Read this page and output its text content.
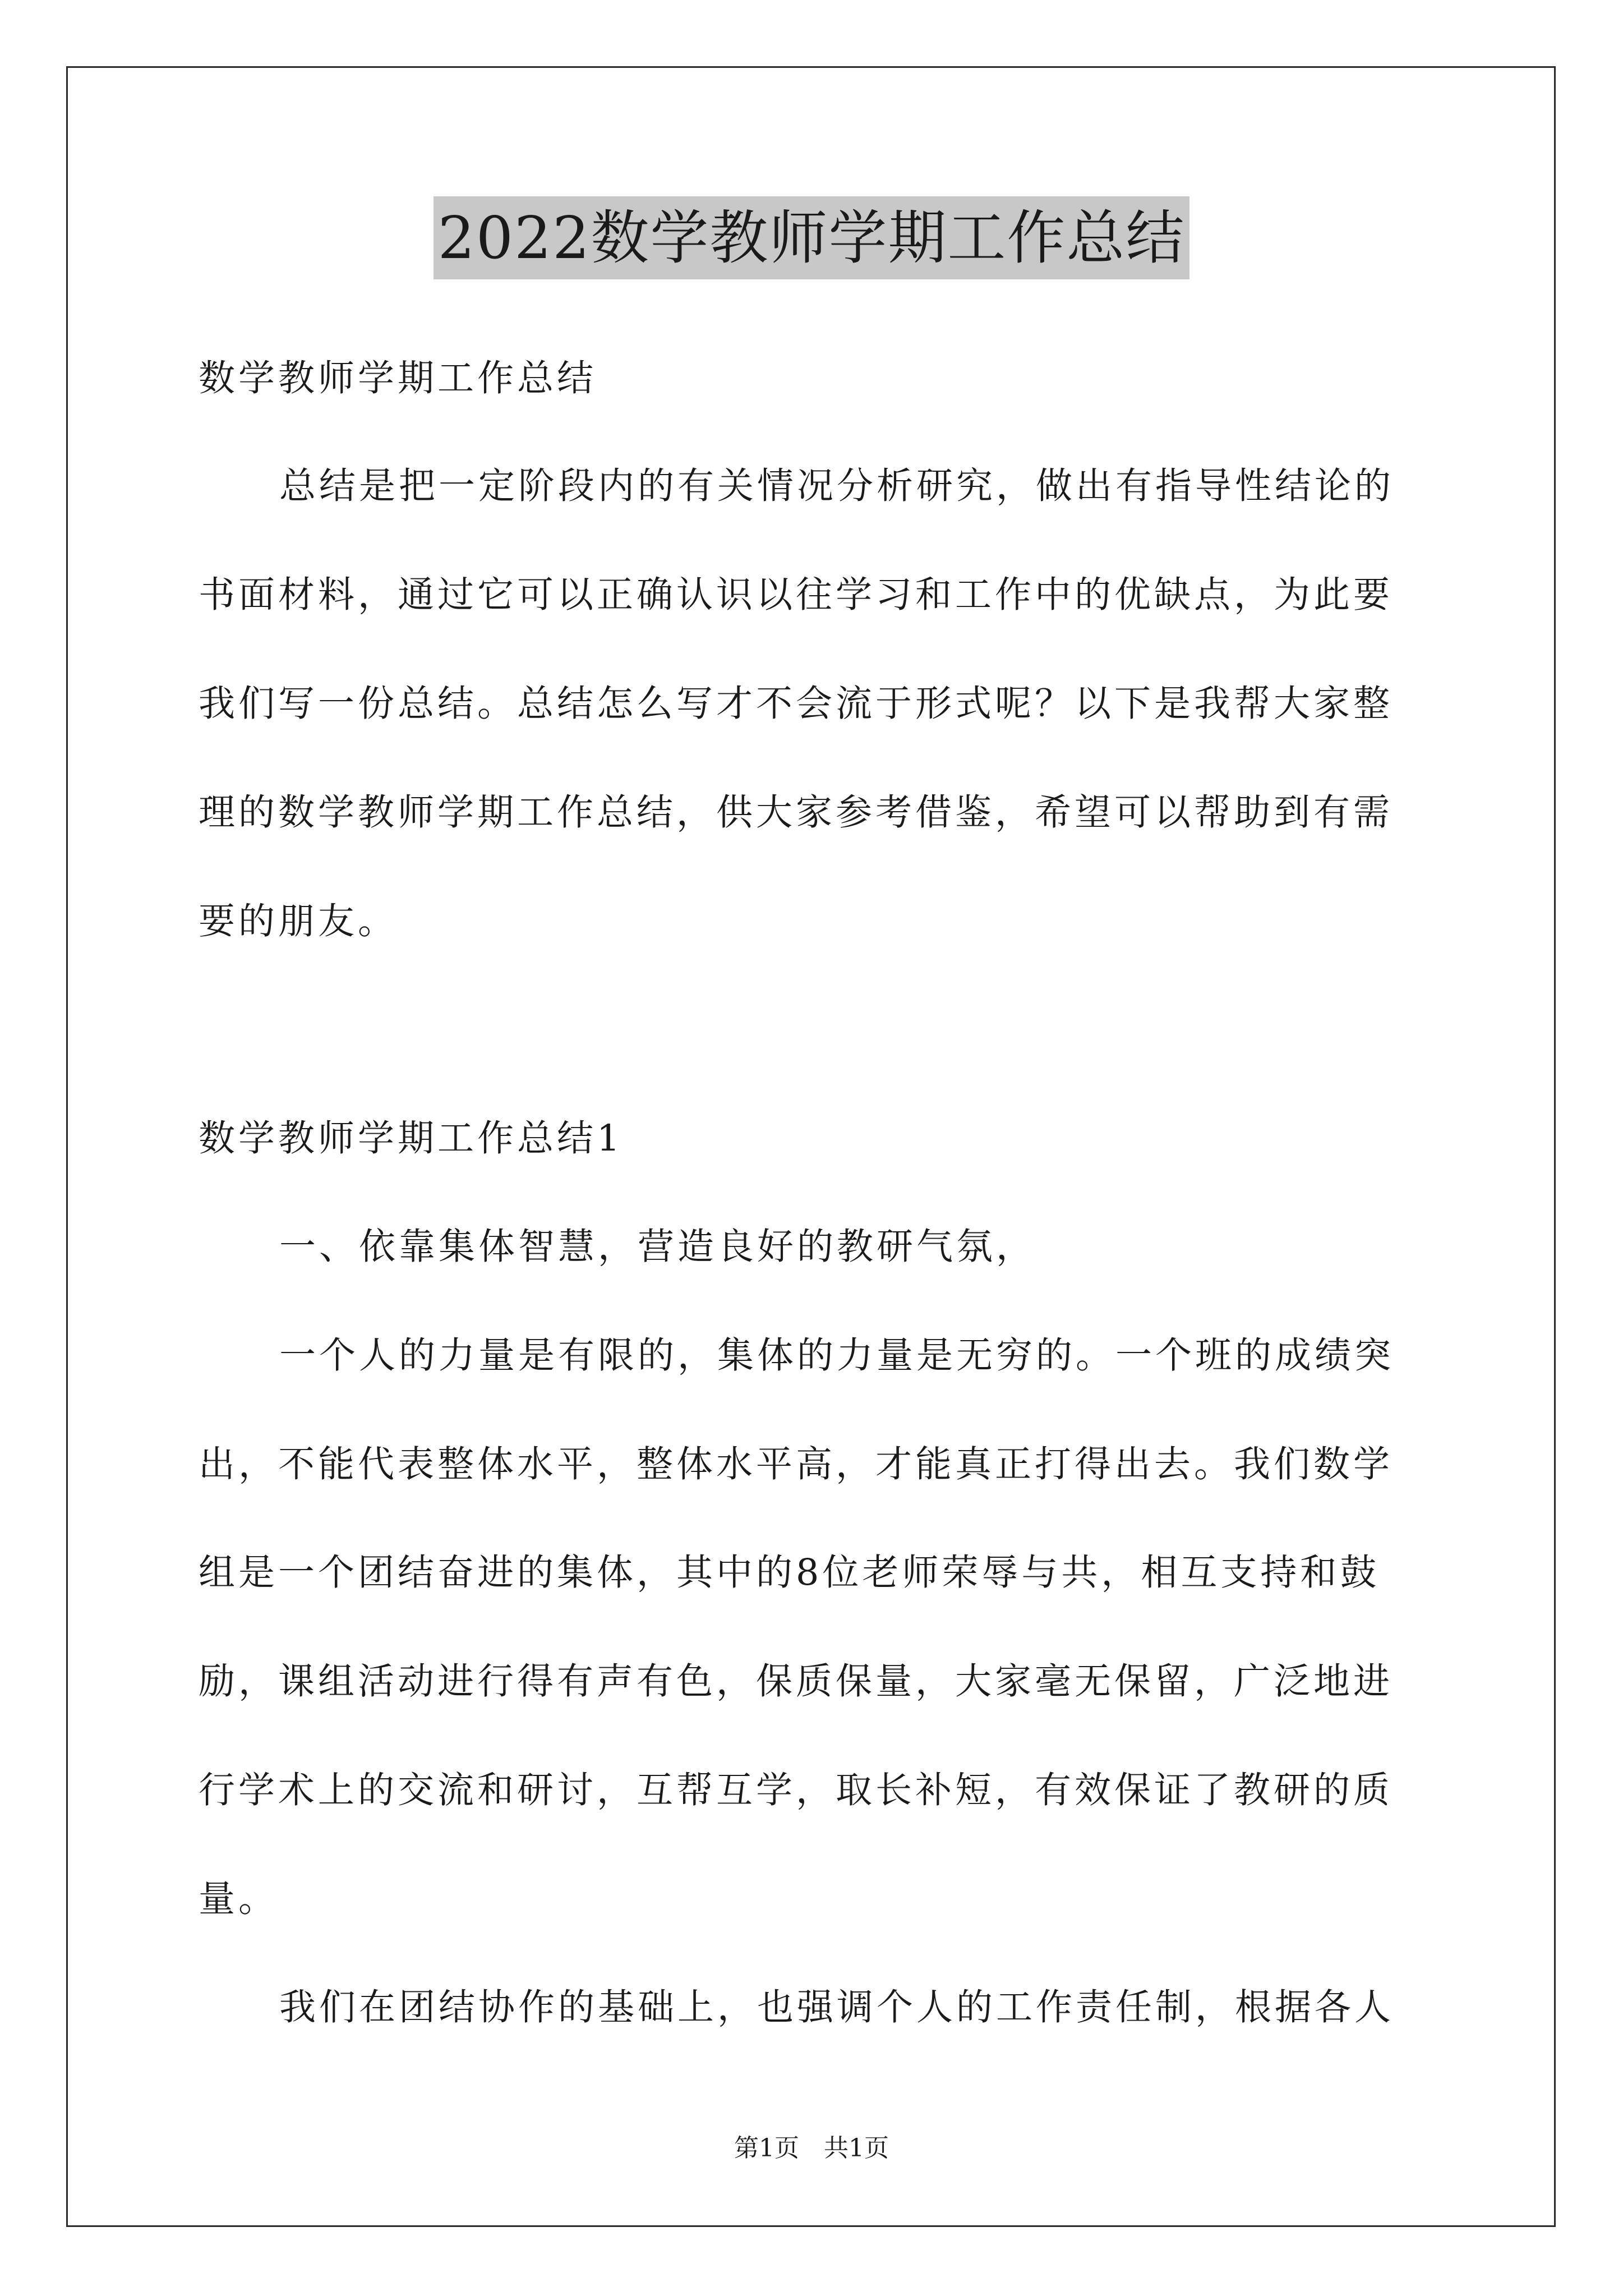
2022数学教师学期工作总结
数学教师学期工作总结
总结是把一定阶段内的有关情况分析研究，做出有指导性结论的
书面材料，通过它可以正确认识以往学习和工作中的优缺点，为此要
我们写一份总结。总结怎么写才不会流于形式呢？以下是我帮大家整
理的数学教师学期工作总结，供大家参考借鉴，希望可以帮助到有需
要的朋友。
数学教师学期工作总结1
一、依靠集体智慧，营造良好的教研气氛，
一个人的力量是有限的，集体的力量是无穷的。一个班的成绩突
出，不能代表整体水平，整体水平高，才能真正打得出去。我们数学
组是一个团结奋进的集体，其中的8位老师荣辱与共，相互支持和鼓
励，课组活动进行得有声有色，保质保量，大家毫无保留，广泛地进
行学术上的交流和研讨，互帮互学，取长补短，有效保证了教研的质
量。
我们在团结协作的基础上，也强调个人的工作责任制，根据各人
第1页　共1页
